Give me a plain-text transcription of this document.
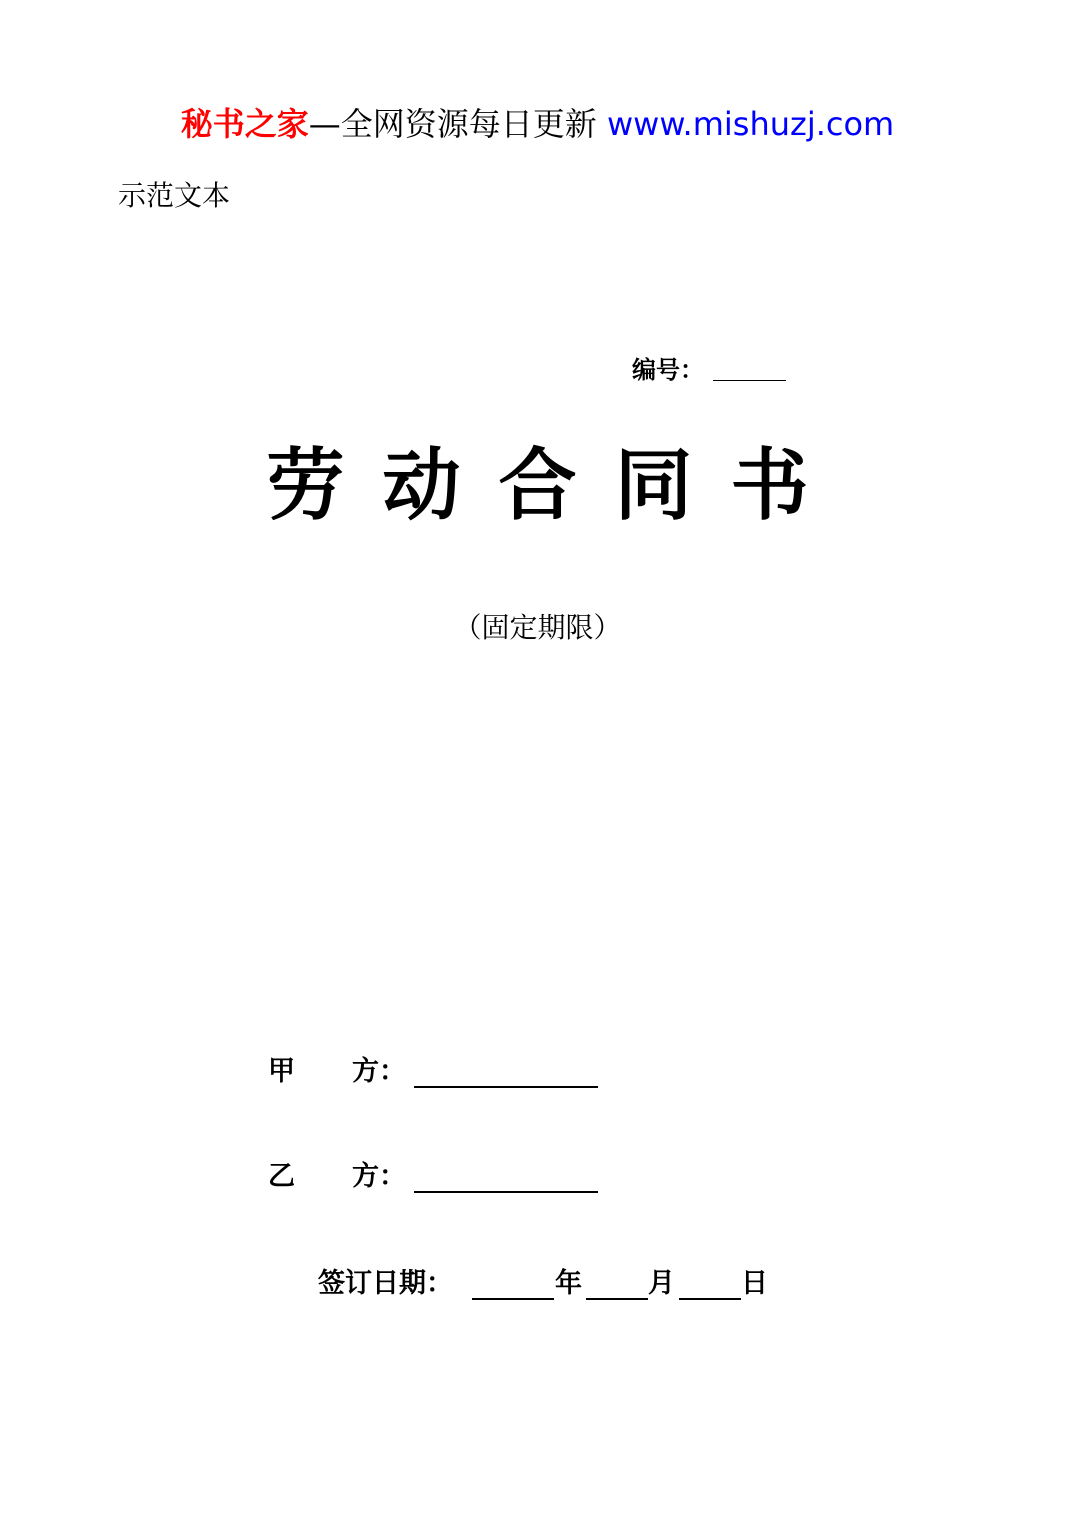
秘书之家—全网资源每日更新 www.mishuzj.com
示范文本
编号：
劳 动 合 同 书
（固定期限）
甲 方：
乙 方：
签订日期：	年 月 日
